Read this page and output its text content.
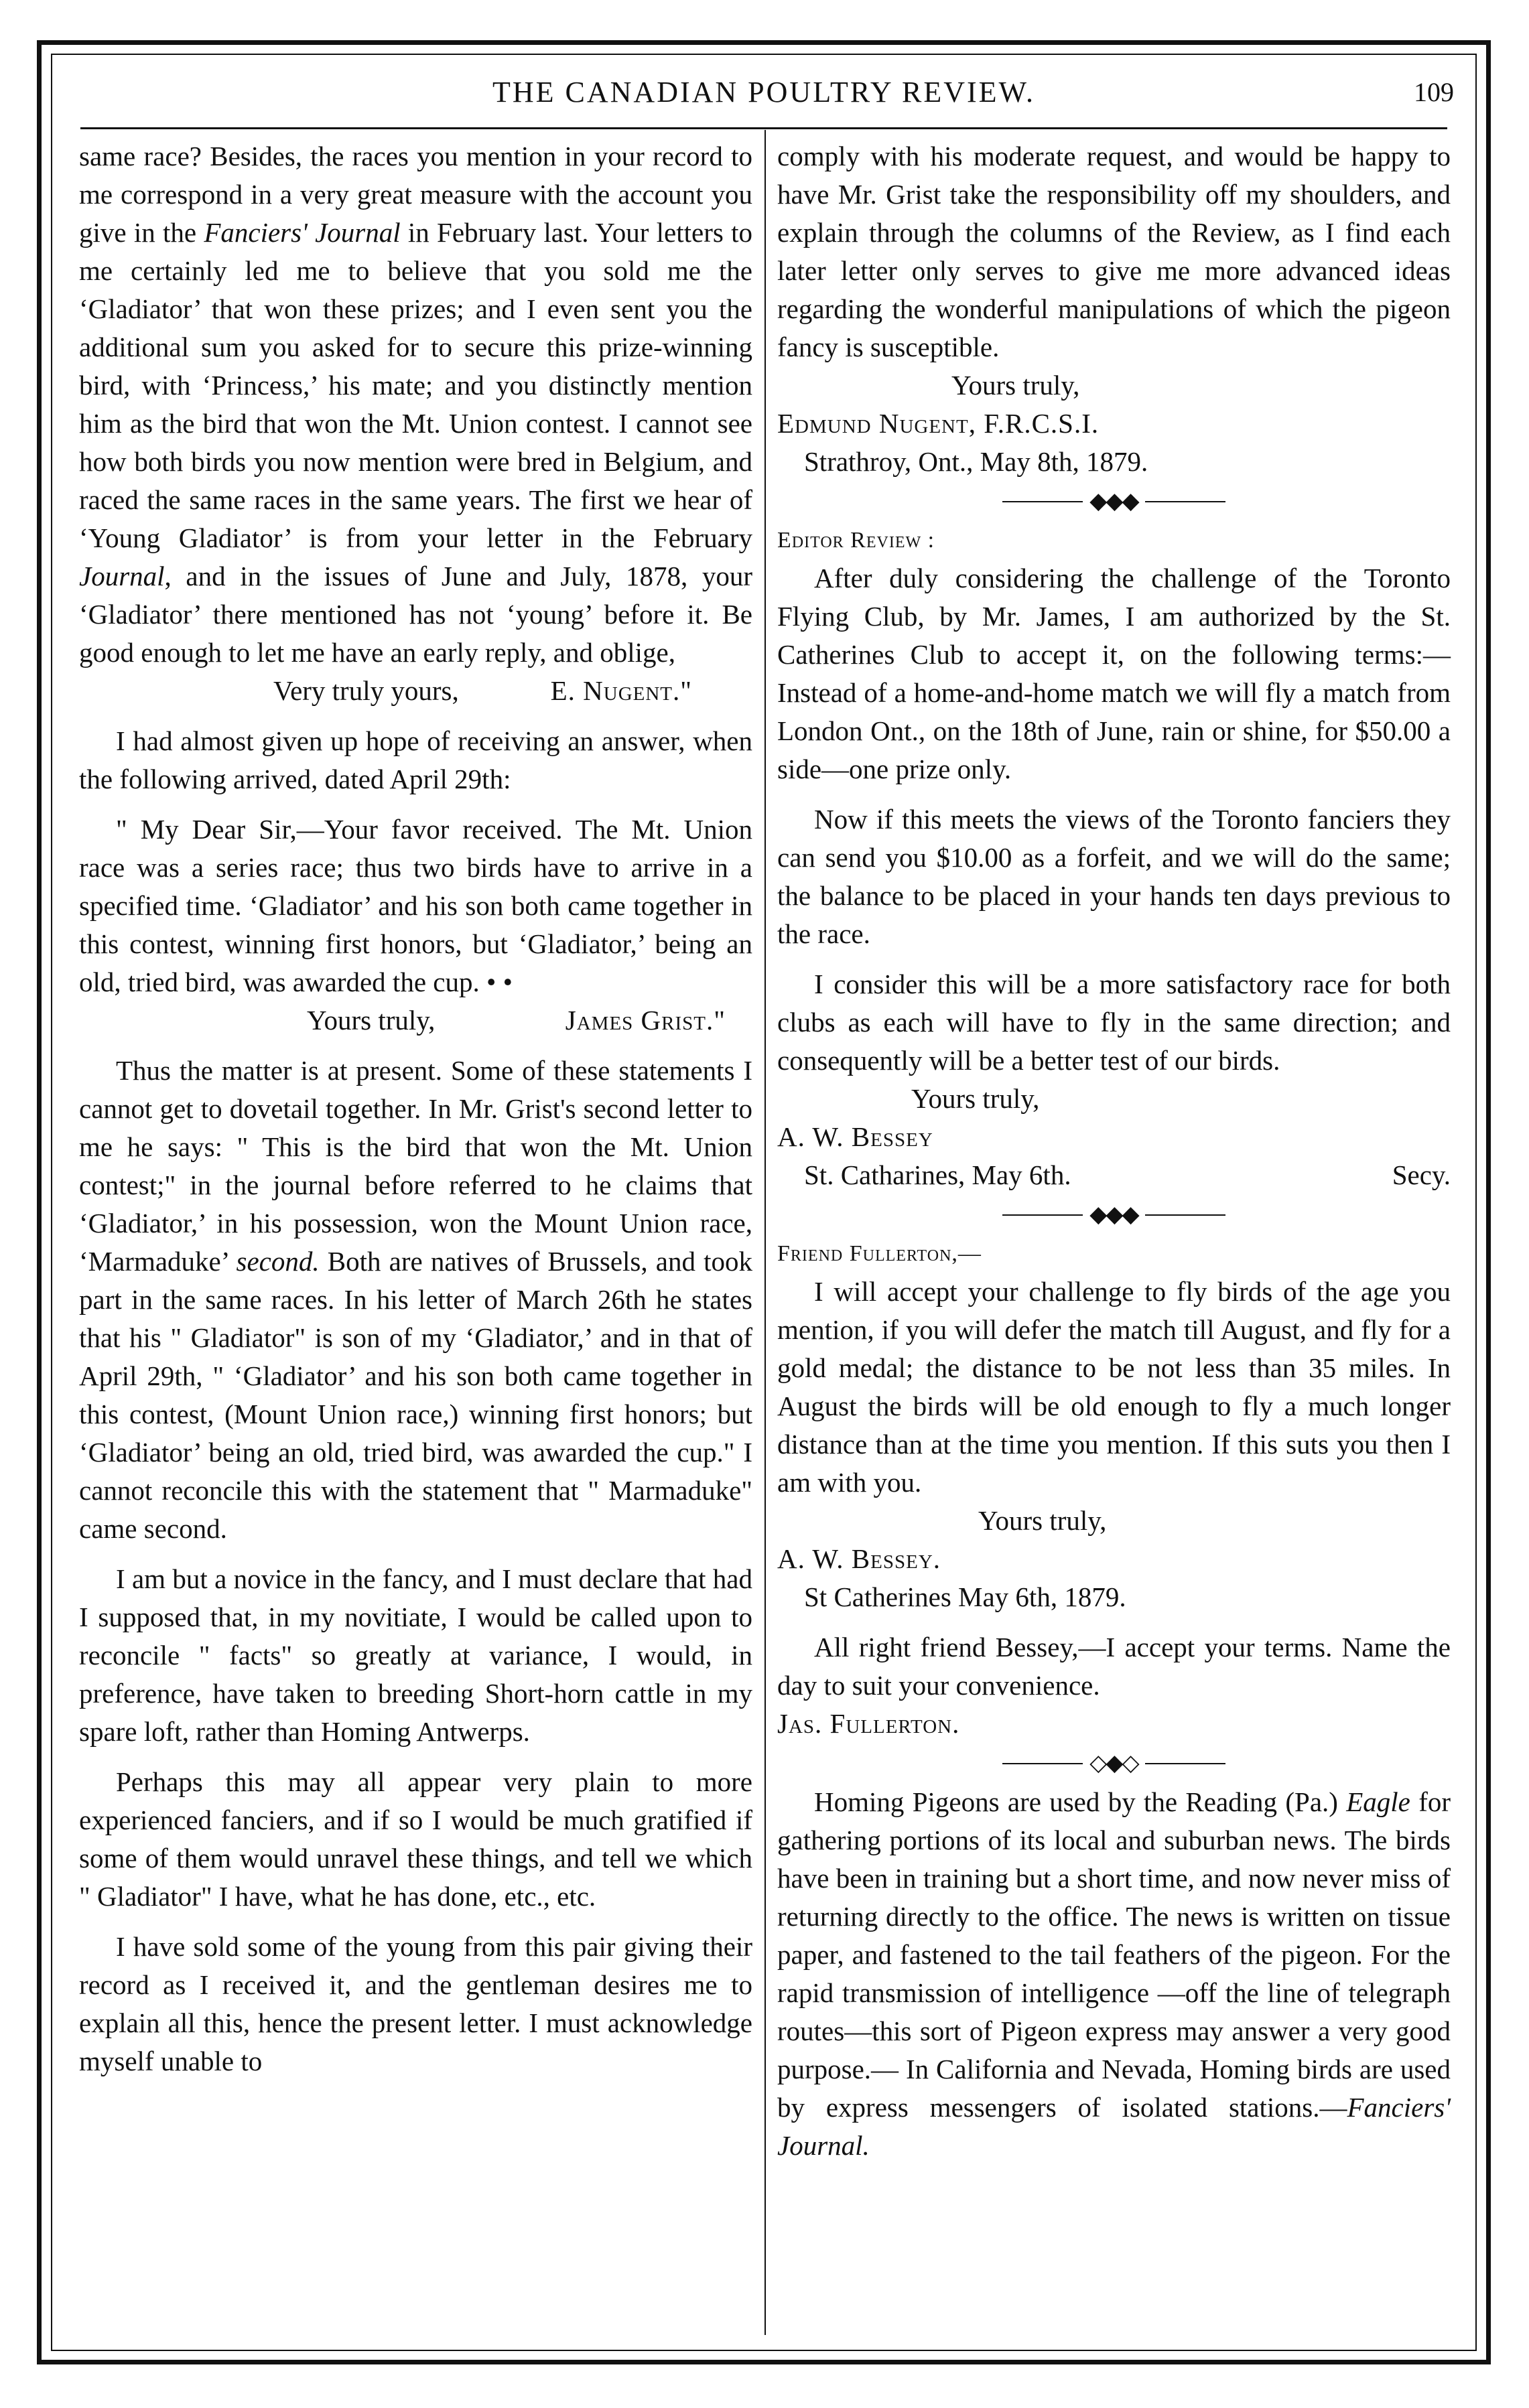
THE CANADIAN POULTRY REVIEW.	109

same race? Besides, the races you mention in your record to me correspond in a very great measure with the account you give in the Fanciers' Journal in February last. Your letters to me certainly led me to believe that you sold me the ‘Gladiator’ that won these prizes; and I even sent you the additional sum you asked for to secure this prize-winning bird, with ‘Princess,’ his mate; and you distinctly mention him as the bird that won the Mt. Union contest. I cannot see how both birds you now mention were bred in Belgium, and raced the same races in the same years. The first we hear of ‘Young Gladiator’ is from your letter in the February Journal, and in the issues of June and July, 1878, your ‘Gladiator’ there mentioned has not ‘young’ before it. Be good enough to let me have an early reply, and oblige,

Very truly yours,	E. Nugent."

I had almost given up hope of receiving an answer, when the following arrived, dated April 29th:

" My Dear Sir,—Your favor received. The Mt. Union race was a series race; thus two birds have to arrive in a specified time. ‘Gladiator’ and his son both came together in this contest, winning first honors, but ‘Gladiator,’ being an old, tried bird, was awarded the cup. • •

Yours truly,	James Grist."

Thus the matter is at present. Some of these statements I cannot get to dovetail together. In Mr. Grist's second letter to me he says: " This is the bird that won the Mt. Union contest;" in the journal before referred to he claims that ‘Gladiator,’ in his possession, won the Mount Union race, ‘Marmaduke’ second. Both are natives of Brussels, and took part in the same races. In his letter of March 26th he states that his " Gladiator" is son of my ‘Gladiator,’ and in that of April 29th, " ‘Gladiator’ and his son both came together in this contest, (Mount Union race,) winning first honors; but ‘Gladiator’ being an old, tried bird, was awarded the cup." I cannot reconcile this with the statement that " Marmaduke" came second.

I am but a novice in the fancy, and I must declare that had I supposed that, in my novitiate, I would be called upon to reconcile " facts" so greatly at variance, I would, in preference, have taken to breeding Short-horn cattle in my spare loft, rather than Homing Antwerps.

Perhaps this may all appear very plain to more experienced fanciers, and if so I would be much gratified if some of them would unravel these things, and tell we which " Gladiator" I have, what he has done, etc., etc.

I have sold some of the young from this pair giving their record as I received it, and the gentleman desires me to explain all this, hence the present letter. I must acknowledge myself unable to

comply with his moderate request, and would be happy to have Mr. Grist take the responsibility off my shoulders, and explain through the columns of the Review, as I find each later letter only serves to give me more advanced ideas regarding the wonderful manipulations of which the pigeon fancy is susceptible.

Yours truly,

Edmund Nugent, F.R.C.S.I.

Strathroy, Ont., May 8th, 1879.

◆◆◆

Editor Review :

After duly considering the challenge of the Toronto Flying Club, by Mr. James, I am authorized by the St. Catherines Club to accept it, on the following terms:—Instead of a home-and-home match we will fly a match from London Ont., on the 18th of June, rain or shine, for $50.00 a side—one prize only.

Now if this meets the views of the Toronto fanciers they can send you $10.00 as a forfeit, and we will do the same; the balance to be placed in your hands ten days previous to the race.

I consider this will be a more satisfactory race for both clubs as each will have to fly in the same direction; and consequently will be a better test of our birds.

Yours truly,

A. W. Bessey

St. Catharines, May 6th.	Secy.
◆◆◆

Friend Fullerton,—

I will accept your challenge to fly birds of the age you mention, if you will defer the match till August, and fly for a gold medal; the distance to be not less than 35 miles. In August the birds will be old enough to fly a much longer distance than at the time you mention. If this suts you then I am with you.

Yours truly,

A. W. Bessey.

St Catherines May 6th, 1879.

All right friend Bessey,—I accept your terms. Name the day to suit your convenience.

Jas. Fullerton.

◇◆◇

Homing Pigeons are used by the Reading (Pa.) Eagle for gathering portions of its local and suburban news. The birds have been in training but a short time, and now never miss of returning directly to the office. The news is written on tissue paper, and fastened to the tail feathers of the pigeon. For the rapid transmission of intelligence —off the line of telegraph routes—this sort of Pigeon express may answer a very good purpose.— In California and Nevada, Homing birds are used by express messengers of isolated stations.—Fanciers' Journal.
